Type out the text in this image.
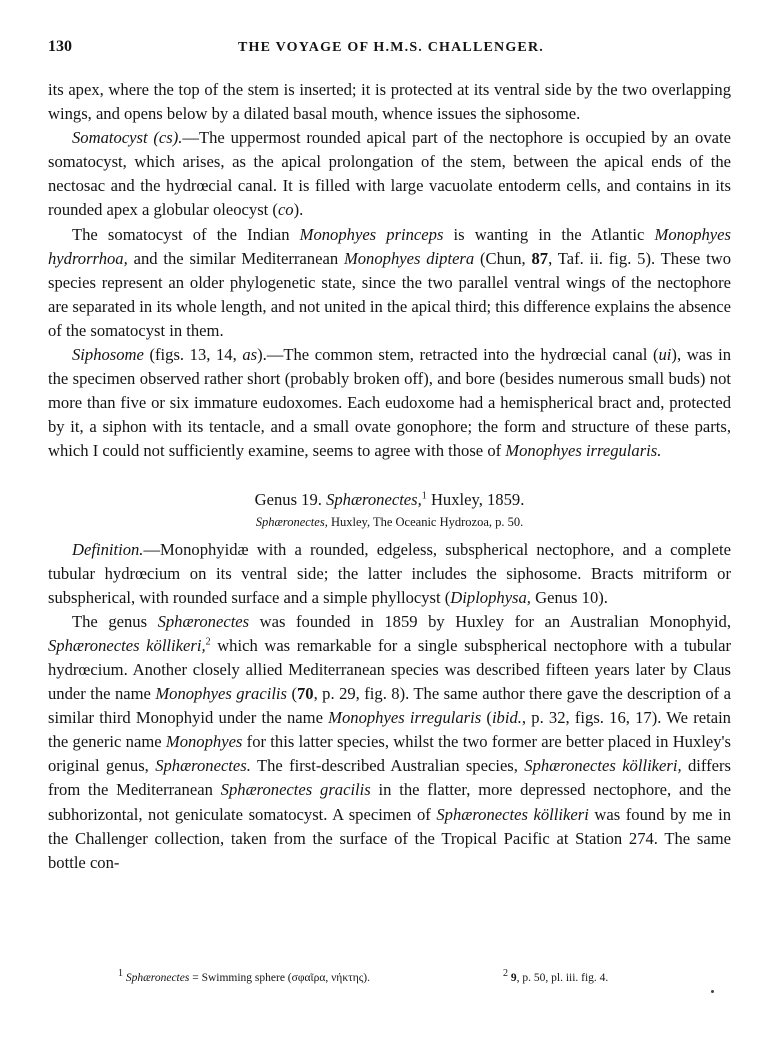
130	THE VOYAGE OF H.M.S. CHALLENGER.

its apex, where the top of the stem is inserted; it is protected at its ventral side by the two overlapping wings, and opens below by a dilated basal mouth, whence issues the siphosome.

Somatocyst (cs).—The uppermost rounded apical part of the nectophore is occupied by an ovate somatocyst, which arises, as the apical prolongation of the stem, between the apical ends of the nectosac and the hydrœcial canal. It is filled with large vacuolate entoderm cells, and contains in its rounded apex a globular oleocyst (co).

The somatocyst of the Indian Monophyes princeps is wanting in the Atlantic Monophyes hydrorrhoa, and the similar Mediterranean Monophyes diptera (Chun, 87, Taf. ii. fig. 5). These two species represent an older phylogenetic state, since the two parallel ventral wings of the nectophore are separated in its whole length, and not united in the apical third; this difference explains the absence of the somatocyst in them.

Siphosome (figs. 13, 14, as).—The common stem, retracted into the hydrœcial canal (ui), was in the specimen observed rather short (probably broken off), and bore (besides numerous small buds) not more than five or six immature eudoxomes. Each eudoxome had a hemispherical bract and, protected by it, a siphon with its tentacle, and a small ovate gonophore; the form and structure of these parts, which I could not sufficiently examine, seems to agree with those of Monophyes irregularis.

Genus 19. Sphæronectes,$^1$ Huxley, 1859.
Sphæronectes, Huxley, The Oceanic Hydrozoa, p. 50.

Definition.—Monophyidæ with a rounded, edgeless, subspherical nectophore, and a complete tubular hydrœcium on its ventral side; the latter includes the siphosome. Bracts mitriform or subspherical, with rounded surface and a simple phyllocyst (Diplophysa, Genus 10).

The genus Sphæronectes was founded in 1859 by Huxley for an Australian Monophyid, Sphæronectes köllikeri,$^2$ which was remarkable for a single subspherical nectophore with a tubular hydrœcium. Another closely allied Mediterranean species was described fifteen years later by Claus under the name Monophyes gracilis (70, p. 29, fig. 8). The same author there gave the description of a similar third Monophyid under the name Monophyes irregularis (ibid., p. 32, figs. 16, 17). We retain the generic name Monophyes for this latter species, whilst the two former are better placed in Huxley's original genus, Sphæronectes. The first-described Australian species, Sphæronectes köllikeri, differs from the Mediterranean Sphæronectes gracilis in the flatter, more depressed nectophore, and the subhorizontal, not geniculate somatocyst. A specimen of Sphæronectes köllikeri was found by me in the Challenger collection, taken from the surface of the Tropical Pacific at Station 274. The same bottle con-

$^1$ Sphæronectes = Swimming sphere (σφαῖρα, νήκτης).	$^2$ 9, p. 50, pl. iii. fig. 4.
